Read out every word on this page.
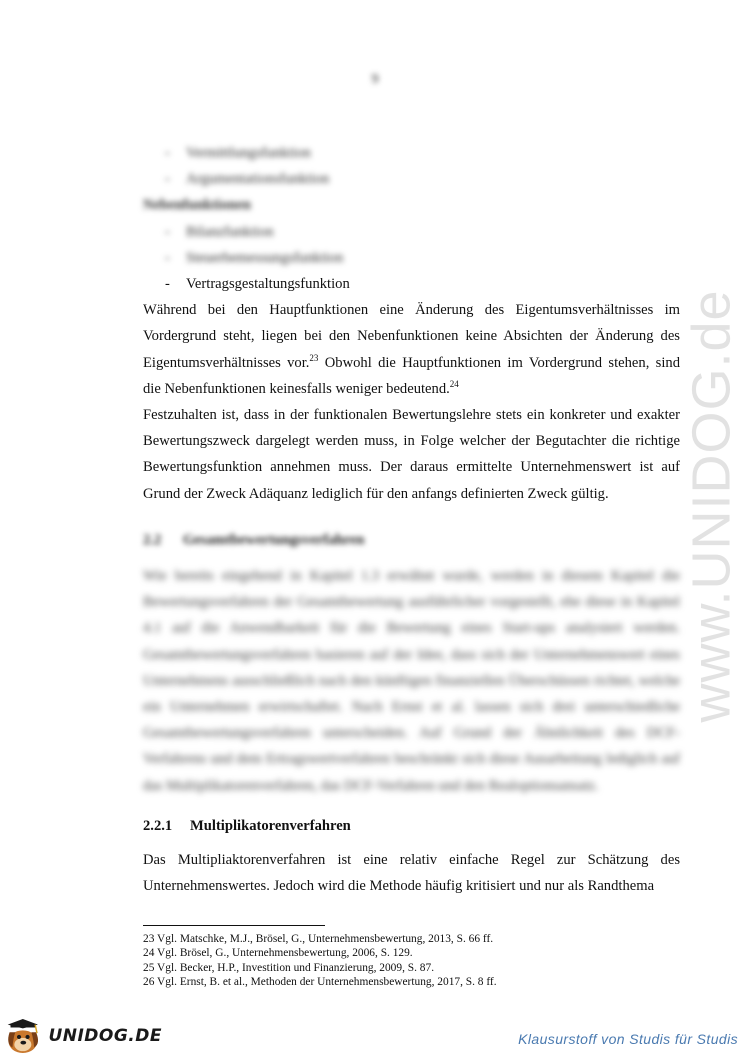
9
-	Vermittlungsfunktion
-	Argumentationsfunktion
Nebenfunktionen
-	Bilanzfunktion
-	Steuerbemessungsfunktion
-	Vertragsgestaltungsfunktion

Während bei den Hauptfunktionen eine Änderung des Eigentumsverhältnisses im Vordergrund steht, liegen bei den Nebenfunktionen keine Absichten der Änderung des Eigentumsverhältnisses vor.$^{23}$ Obwohl die Hauptfunktionen im Vordergrund stehen, sind die Nebenfunktionen keinesfalls weniger bedeutend.$^{24}$

Festzuhalten ist, dass in der funktionalen Bewertungslehre stets ein konkreter und exakter Bewertungszweck dargelegt werden muss, in Folge welcher der Begutachter die richtige Bewertungsfunktion annehmen muss. Der daraus ermittelte Unternehmenswert ist auf Grund der Zweck Adäquanz lediglich für den anfangs definierten Zweck gültig.

2.2	Gesamtbewertungsverfahren

Wie bereits eingehend in Kapitel 1.3 erwähnt wurde, werden in diesem Kapitel die Bewertungsverfahren der Gesamtbewertung ausführlicher vorgestellt, ehe diese in Kapitel 4.1 auf die Anwendbarkeit für die Bewertung eines Start-ups analysiert werden. Gesamtbewertungsverfahren basieren auf der Idee, dass sich der Unternehmenswert eines Unternehmens ausschließlich nach den künftigen finanziellen Überschüssen richtet, welche ein Unternehmen erwirtschaftet. Nach Ernst et al. lassen sich drei unterschiedliche Gesamtbewertungsverfahren unterscheiden. Auf Grund der Ähnlichkeit des DCF-Verfahrens und dem Ertragswertverfahren beschränkt sich diese Ausarbeitung lediglich auf das Multiplikatorenverfahren, das DCF-Verfahren und den Realoptionsansatz.

2.2.1	Multiplikatorenverfahren

Das Multipliaktorenverfahren ist eine relativ einfache Regel zur Schätzung des Unternehmenswertes. Jedoch wird die Methode häufig kritisiert und nur als Randthema

23 Vgl. Matschke, M.J., Brösel, G., Unternehmensbewertung, 2013, S. 66 ff.
24 Vgl. Brösel, G., Unternehmensbewertung, 2006, S. 129.
25 Vgl. Becker, H.P., Investition und Finanzierung, 2009, S. 87.
26 Vgl. Ernst, B. et al., Methoden der Unternehmensbewertung, 2017, S. 8 ff.
www.UNIDOG.de
UNIDOG.DE	Klausurstoff von Studis für Studis
